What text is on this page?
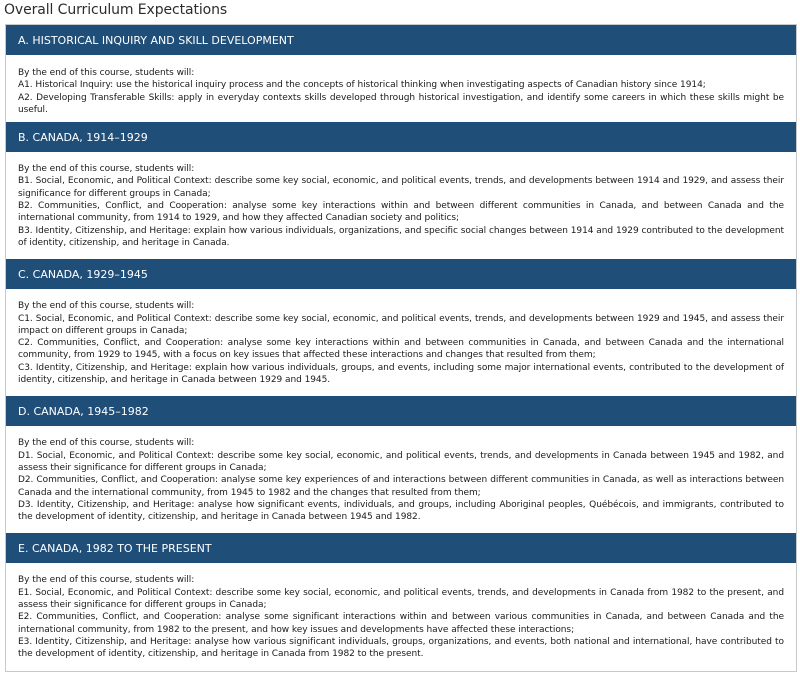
Overall Curriculum Expectations
A. HISTORICAL INQUIRY AND SKILL DEVELOPMENT

By the end of this course, students will:

A1. Historical Inquiry: use the historical inquiry process and the concepts of historical thinking when investigating aspects of Canadian history since 1914;

A2. Developing Transferable Skills: apply in everyday contexts skills developed through historical investigation, and identify some careers in which these skills might be useful.

B. CANADA, 1914–1929

By the end of this course, students will:

B1. Social, Economic, and Political Context: describe some key social, economic, and political events, trends, and developments between 1914 and 1929, and assess their significance for different groups in Canada;

B2. Communities, Conflict, and Cooperation: analyse some key interactions within and between different communities in Canada, and between Canada and the international community, from 1914 to 1929, and how they affected Canadian society and politics;

B3. Identity, Citizenship, and Heritage: explain how various individuals, organizations, and specific social changes between 1914 and 1929 contributed to the development of identity, citizenship, and heritage in Canada.

C. CANADA, 1929–1945

By the end of this course, students will:

C1. Social, Economic, and Political Context: describe some key social, economic, and political events, trends, and developments between 1929 and 1945, and assess their impact on different groups in Canada;

C2. Communities, Conflict, and Cooperation: analyse some key interactions within and between communities in Canada, and between Canada and the international community, from 1929 to 1945, with a focus on key issues that affected these interactions and changes that resulted from them;

C3. Identity, Citizenship, and Heritage: explain how various individuals, groups, and events, including some major international events, contributed to the development of identity, citizenship, and heritage in Canada between 1929 and 1945.

D. CANADA, 1945–1982

By the end of this course, students will:

D1. Social, Economic, and Political Context: describe some key social, economic, and political events, trends, and developments in Canada between 1945 and 1982, and assess their significance for different groups in Canada;

D2. Communities, Conflict, and Cooperation: analyse some key experiences of and interactions between different communities in Canada, as well as interactions between Canada and the international community, from 1945 to 1982 and the changes that resulted from them;

D3. Identity, Citizenship, and Heritage: analyse how significant events, individuals, and groups, including Aboriginal peoples, Québécois, and immigrants, contributed to the development of identity, citizenship, and heritage in Canada between 1945 and 1982.

E. CANADA, 1982 TO THE PRESENT

By the end of this course, students will:

E1. Social, Economic, and Political Context: describe some key social, economic, and political events, trends, and developments in Canada from 1982 to the present, and assess their significance for different groups in Canada;

E2. Communities, Conflict, and Cooperation: analyse some significant interactions within and between various communities in Canada, and between Canada and the international community, from 1982 to the present, and how key issues and developments have affected these interactions;

E3. Identity, Citizenship, and Heritage: analyse how various significant individuals, groups, organizations, and events, both national and international, have contributed to the development of identity, citizenship, and heritage in Canada from 1982 to the present.
